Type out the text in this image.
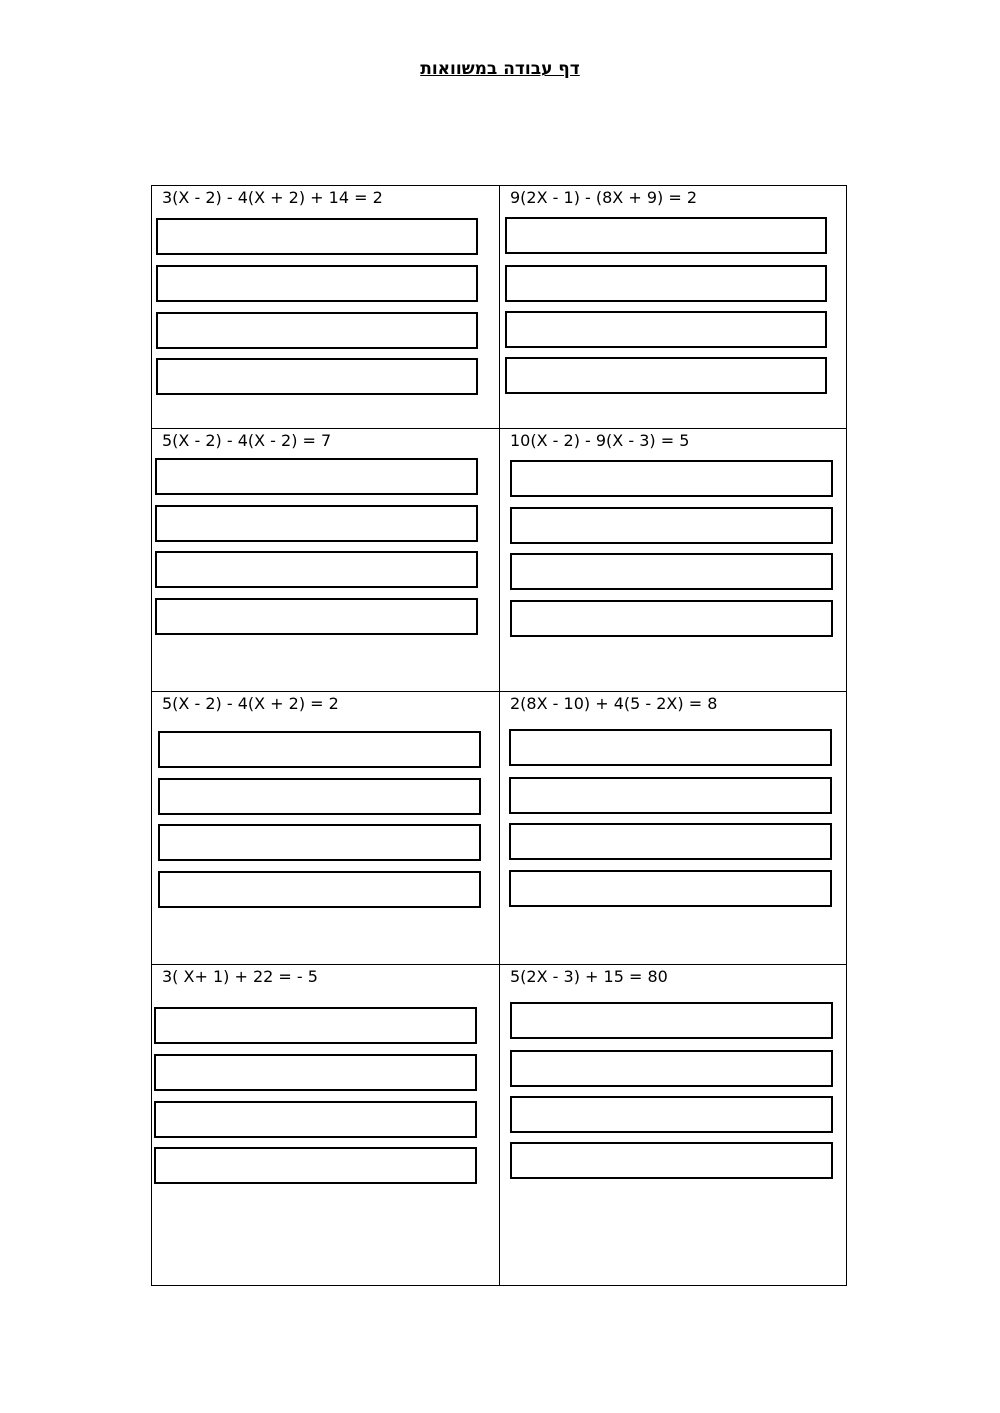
דף עבודה במשוואות
3(X - 2) - 4(X + 2) + 14 = 2	9(2X - 1) - (8X + 9) = 2
5(X - 2) - 4(X - 2) = 7	10(X - 2) - 9(X - 3) = 5
5(X - 2) - 4(X + 2) = 2	2(8X - 10) + 4(5 - 2X) = 8
3( X+ 1) + 22 = - 5	5(2X - 3) + 15 = 80
